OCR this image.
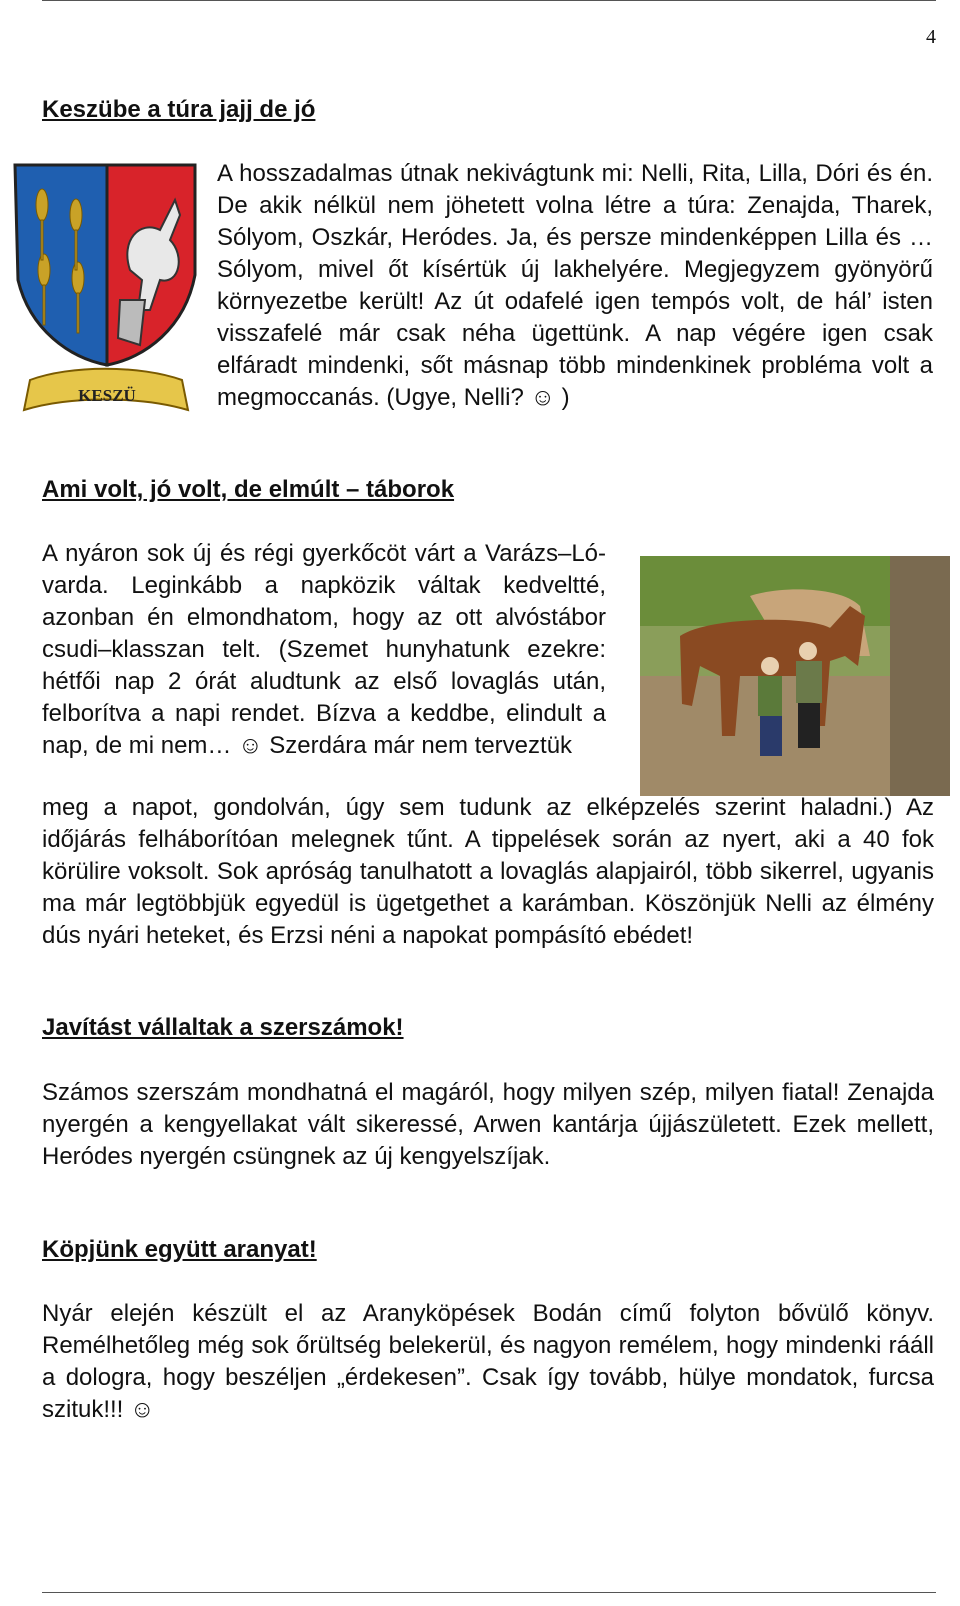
4
Keszübe a túra jajj de jó
KESZÜ

A hosszadalmas útnak nekivágtunk mi: Nelli, Rita, Lilla, Dóri és én. De akik nélkül nem jöhetett volna létre a túra: Zenajda, Tharek, Sólyom, Oszkár, Heródes. Ja, és persze mindenképpen Lilla és … Sólyom, mivel őt kísértük új lakhelyére. Megjegyzem gyönyörű környezetbe került! Az út odafelé igen tempós volt, de hál’ isten visszafelé már csak néha ügettünk. A nap végére igen csak elfáradt mindenki, sőt másnap több mindenkinek probléma volt a megmoccanás. (Ugye, Nelli? ☺ )

Ami volt, jó volt, de elmúlt – táborok

A nyáron sok új és régi gyerkőcöt várt a Varázs–Ló-varda. Leginkább a napközik váltak kedveltté, azonban én elmondhatom, hogy az ott alvóstábor csudi–klasszan telt. (Szemet hunyhatunk ezekre: hétfői nap 2 órát aludtunk az első lovaglás után, felborítva a napi rendet. Bízva a keddbe, elindult a nap, de mi nem… ☺ Szerdára már nem terveztük

meg a napot, gondolván, úgy sem tudunk az elképzelés szerint haladni.) Az időjárás felháborítóan melegnek tűnt. A tippelések során az nyert, aki a 40 fok körülire voksolt. Sok apróság tanulhatott a lovaglás alapjairól, több sikerrel, ugyanis ma már legtöbbjük egyedül is ügetgethet a karámban. Köszönjük Nelli az élmény dús nyári heteket, és Erzsi néni a napokat pompásító ebédet!

Javítást vállaltak a szerszámok!

Számos szerszám mondhatná el magáról, hogy milyen szép, milyen fiatal! Zenajda nyergén a kengyellakat vált sikeressé, Arwen kantárja újjászületett. Ezek mellett, Heródes nyergén csüngnek az új kengyelszíjak.

Köpjünk együtt aranyat!

Nyár elején készült el az Aranyköpések Bodán című folyton bővülő könyv. Remélhetőleg még sok őrültség belekerül, és nagyon remélem, hogy mindenki rááll a dologra, hogy beszéljen „érdekesen”. Csak így tovább, hülye mondatok, furcsa szituk!!! ☺
